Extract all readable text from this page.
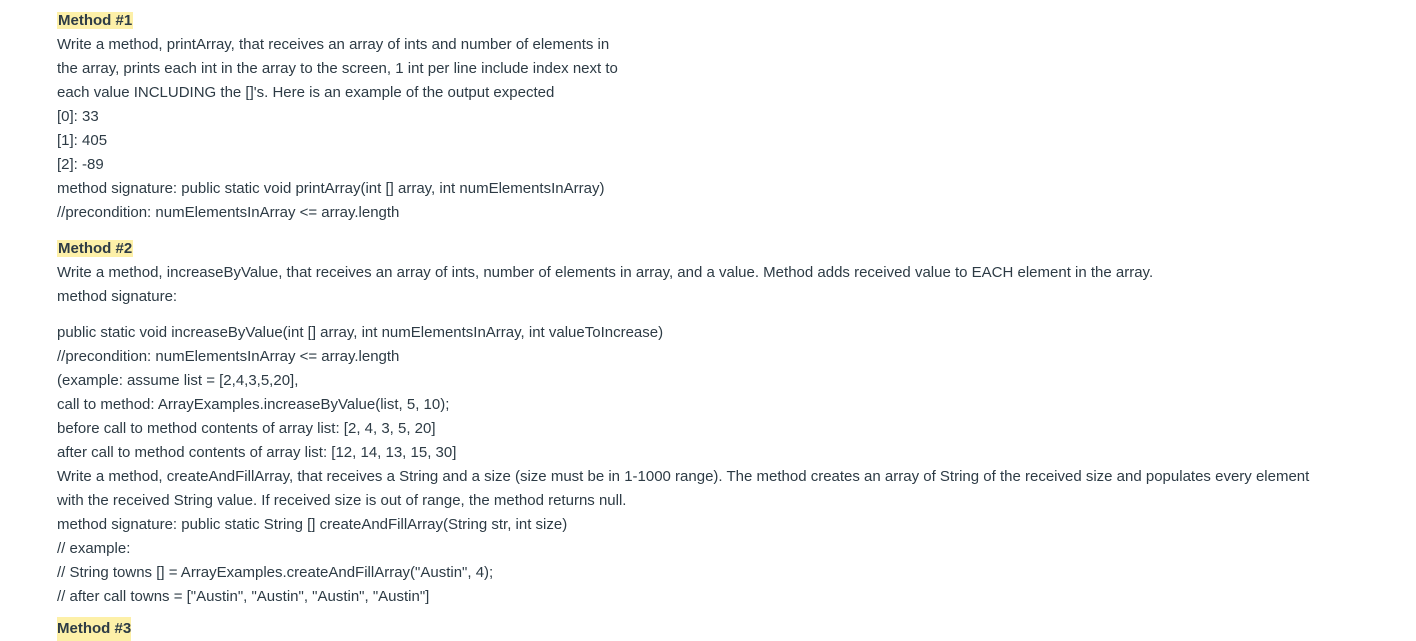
Method #1
Write a method, printArray, that receives an array of ints and number of elements in
the array, prints each int in the array to the screen, 1 int per line include index next to
each value INCLUDING the []'s. Here is an example of the output expected
[0]: 33
[1]: 405
[2]: -89
method signature: public static void printArray(int [] array, int numElementsInArray)
//precondition: numElementsInArray <= array.length
Method #2
Write a method, increaseByValue, that receives an array of ints, number of elements in array, and a value. Method adds received value to EACH element in the array.
method signature:
public static void increaseByValue(int [] array, int numElementsInArray, int valueToIncrease)
//precondition: numElementsInArray <= array.length
(example: assume list = [2,4,3,5,20],
call to method: ArrayExamples.increaseByValue(list, 5, 10);
before call to method contents of array list: [2, 4, 3, 5, 20]
after call to method contents of array list: [12, 14, 13, 15, 30]
Write a method, createAndFillArray, that receives a String and a size (size must be in 1-1000 range). The method creates an array of String of the received size and populates every element
with the received String value. If received size is out of range, the method returns null.
method signature: public static String [] createAndFillArray(String str, int size)
// example:
// String towns [] = ArrayExamples.createAndFillArray("Austin", 4);
// after call towns = ["Austin", "Austin", "Austin", "Austin"]
Method #3
